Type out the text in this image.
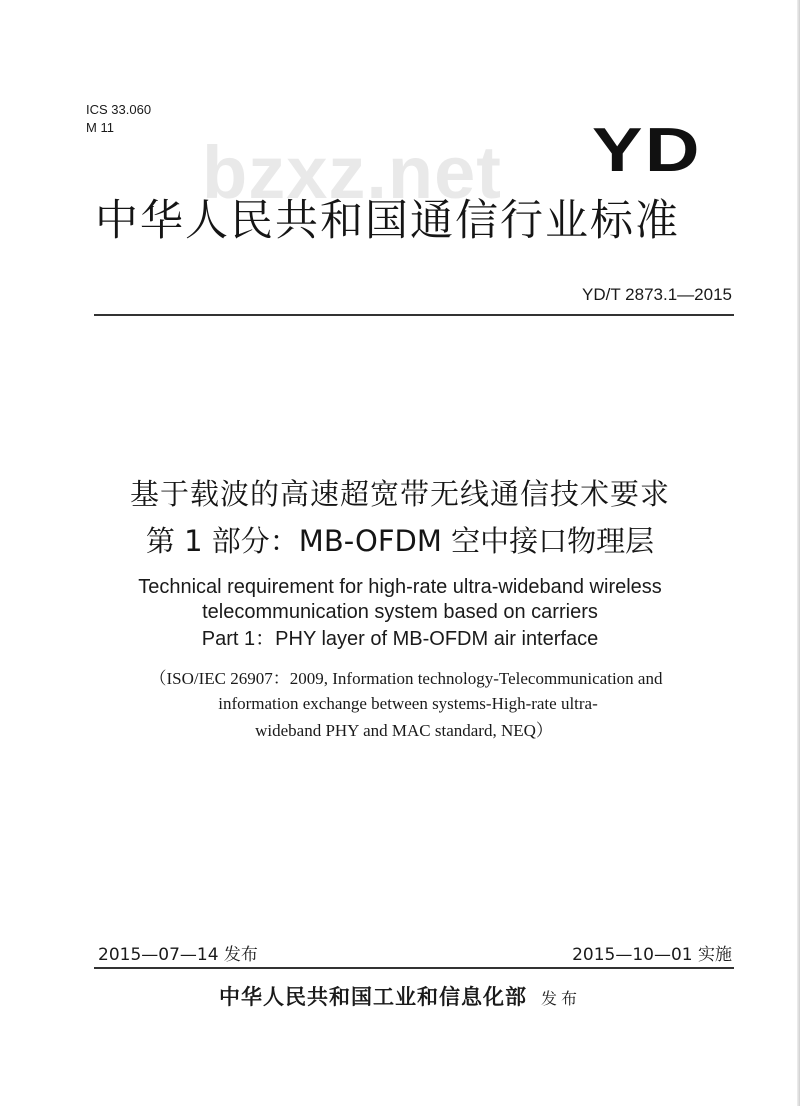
ICS 33.060
M 11
bzxz.net YD
中华人民共和国通信行业标准
YD/T 2873.1—2015
基于载波的高速超宽带无线通信技术要求
第 1 部分：MB-OFDM 空中接口物理层
Technical requirement for high-rate ultra-wideband wireless
telecommunication system based on carriers
Part 1：PHY layer of MB-OFDM air interface
（ISO/IEC 26907：2009, Information technology-Telecommunication and
information exchange between systems-High-rate ultra-
wideband PHY and MAC standard, NEQ）
2015—07—14 发布	2015—10—01 实施
中华人民共和国工业和信息化部 发布
